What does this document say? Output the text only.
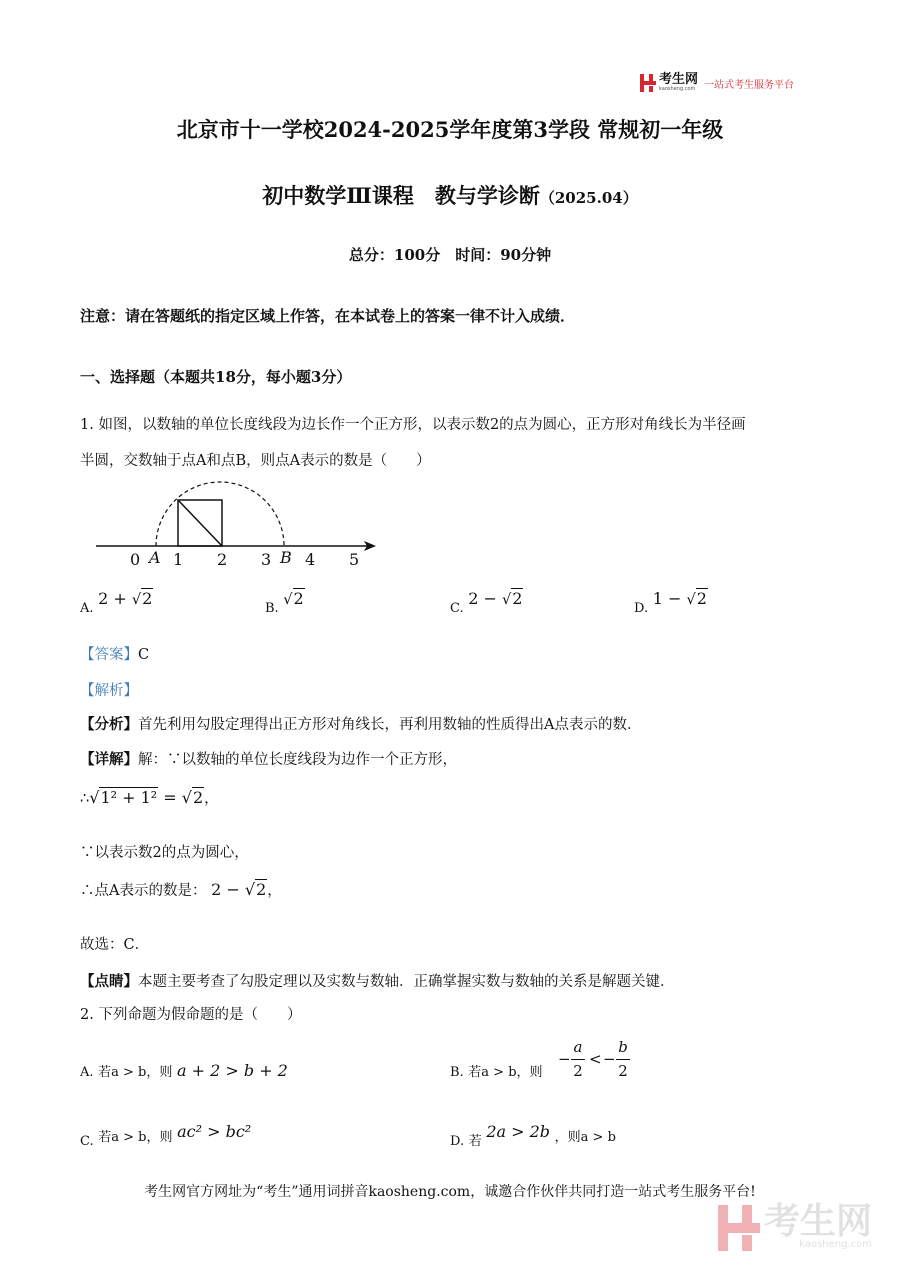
考生网
kaosheng.com 一站式考生服务平台
北京市十一学校2024-2025学年度第3学段 常规初一年级
初中数学Ⅲ课程　教与学诊断（2025.04）
总分：100分　时间：90分钟
注意：请在答题纸的指定区域上作答，在本试卷上的答案一律不计入成绩．
一、选择题（本题共18分，每小题3分）
1. 如图，以数轴的单位长度线段为边长作一个正方形，以表示数2的点为圆心，正方形对角线长为半径画
半圆，交数轴于点A和点B，则点A表示的数是（　　）
0 A 1 2 3 B 4 5
A. 2 + √2
B. √2
C. 2 − √2
D. 1 − √2
【答案】C
【解析】
【分析】首先利用勾股定理得出正方形对角线长，再利用数轴的性质得出A点表示的数．
【详解】解：∵以数轴的单位长度线段为边作一个正方形，
∴√1² + 1² = √2，
∵以表示数2的点为圆心，
∴点A表示的数是： 2 − √2，
故选：C．
【点睛】本题主要考查了勾股定理以及实数与数轴．正确掌握实数与数轴的关系是解题关键．
2. 下列命题为假命题的是（　　）
A. 若a > b，则 a + 2 > b + 2	B. 若a > b，则
−
a
2
< −
b
2
C. 若a > b，则 ac² > bc²
D. 若 2a > 2b ，则a > b
考生网官方网址为“考生”通用词拼音kaosheng.com，诚邀合作伙伴共同打造一站式考生服务平台!
考生网
kaosheng.com
